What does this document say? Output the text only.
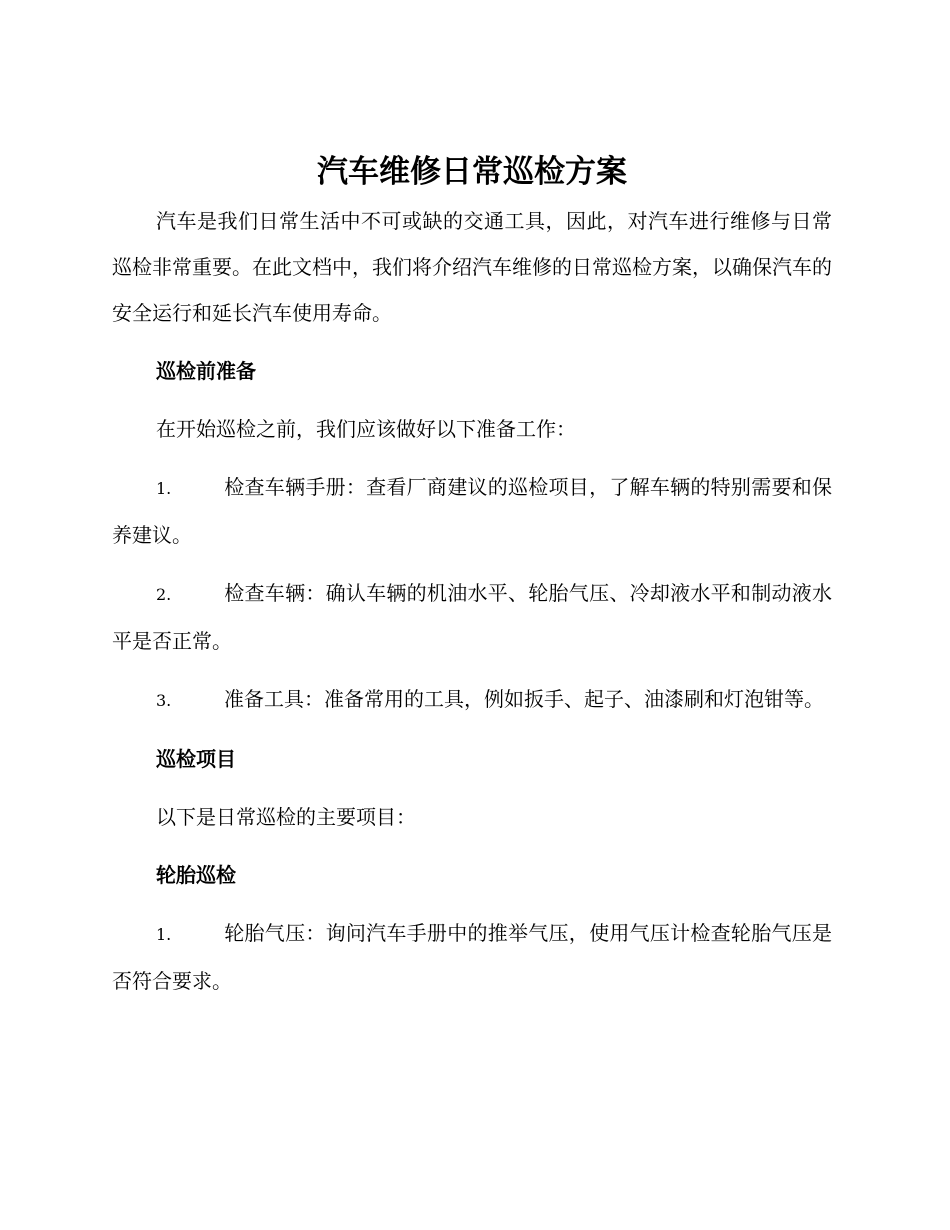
汽车维修日常巡检方案

汽车是我们日常生活中不可或缺的交通工具，因此，对汽车进行维修与日常巡检非常重要。在此文档中，我们将介绍汽车维修的日常巡检方案，以确保汽车的安全运行和延长汽车使用寿命。

巡检前准备

在开始巡检之前，我们应该做好以下准备工作：

1.	检查车辆手册：查看厂商建议的巡检项目，了解车辆的特别需要和保养建议。

2.	检查车辆：确认车辆的机油水平、轮胎气压、冷却液水平和制动液水平是否正常。

3.	准备工具：准备常用的工具，例如扳手、起子、油漆刷和灯泡钳等。

巡检项目

以下是日常巡检的主要项目：

轮胎巡检

1.	轮胎气压：询问汽车手册中的推举气压，使用气压计检查轮胎气压是否符合要求。
